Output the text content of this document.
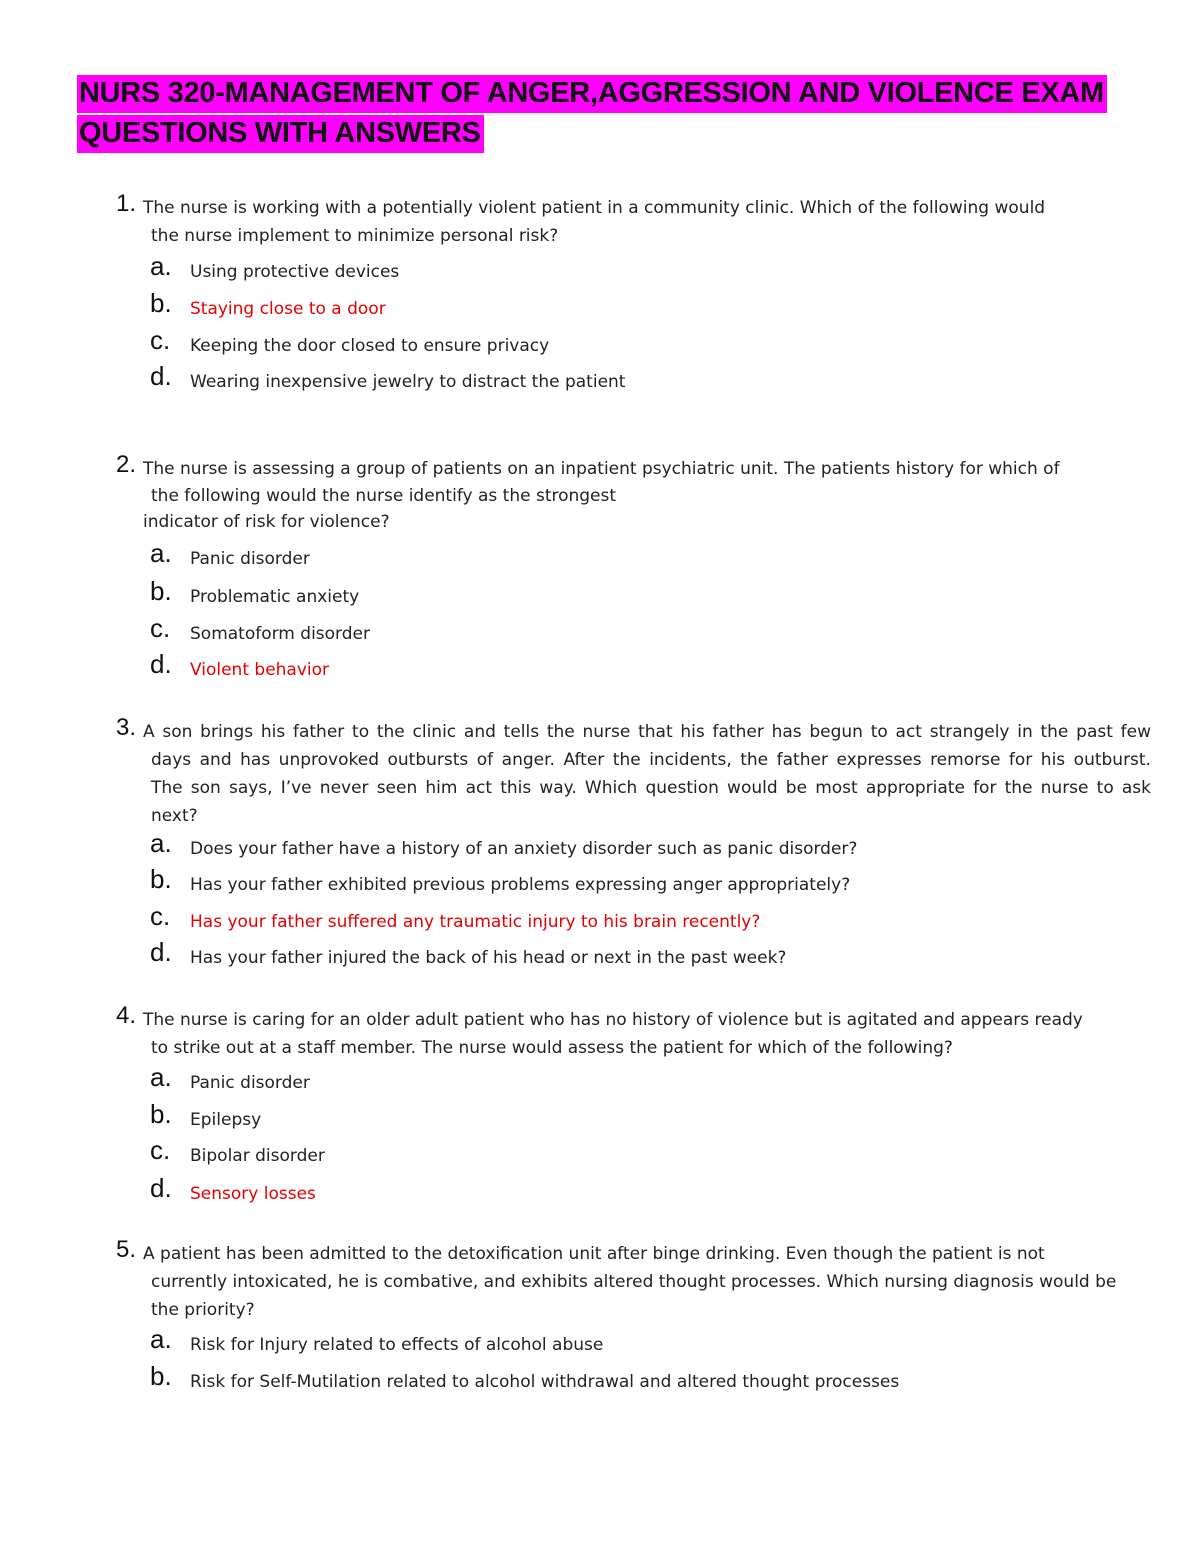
NURS 320-MANAGEMENT OF ANGER,AGGRESSION AND VIOLENCE EXAM QUESTIONS WITH ANSWERS
1. The nurse is working with a potentially violent patient in a community clinic. Which of the following would
the nurse implement to minimize personal risk?
a. Using protective devices
b. Staying close to a door
c. Keeping the door closed to ensure privacy
d. Wearing inexpensive jewelry to distract the patient
2. The nurse is assessing a group of patients on an inpatient psychiatric unit. The patients history for which of
the following would the nurse identify as the strongest
indicator of risk for violence?
a. Panic disorder
b. Problematic anxiety
c. Somatoform disorder
d. Violent behavior
3. A son brings his father to the clinic and tells the nurse that his father has begun to act strangely in the past few
days and has unprovoked outbursts of anger. After the incidents, the father expresses remorse for his outburst.
The son says, I’ve never seen him act this way. Which question would be most appropriate for the nurse to ask
next?
a. Does your father have a history of an anxiety disorder such as panic disorder?
b. Has your father exhibited previous problems expressing anger appropriately?
c. Has your father suffered any traumatic injury to his brain recently?
d. Has your father injured the back of his head or next in the past week?
4. The nurse is caring for an older adult patient who has no history of violence but is agitated and appears ready
to strike out at a staff member. The nurse would assess the patient for which of the following?
a. Panic disorder
b. Epilepsy
c. Bipolar disorder
d. Sensory losses
5. A patient has been admitted to the detoxification unit after binge drinking. Even though the patient is not
currently intoxicated, he is combative, and exhibits altered thought processes. Which nursing diagnosis would be
the priority?
a. Risk for Injury related to effects of alcohol abuse
b. Risk for Self-Mutilation related to alcohol withdrawal and altered thought processes
